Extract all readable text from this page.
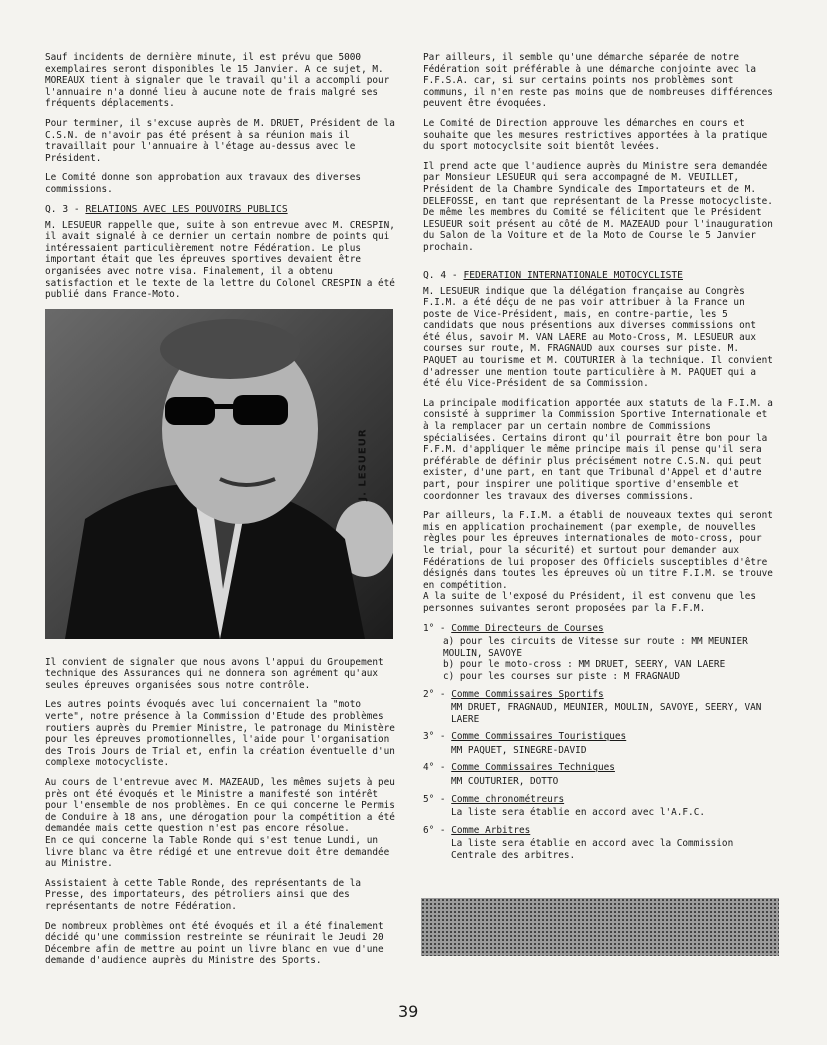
Sauf incidents de dernière minute, il est prévu que 5000 exemplaires seront disponibles le 15 Janvier. A ce sujet, M. MOREAUX tient à signaler que le travail qu'il a accompli pour l'annuaire n'a donné lieu à aucune note de frais malgré ses fréquents déplacements.

Pour terminer, il s'excuse auprès de M. DRUET, Président de la C.S.N. de n'avoir pas été présent à sa réunion mais il travaillait pour l'annuaire à l'étage au-dessus avec le Président.

Le Comité donne son approbation aux travaux des diverses commissions.

Q. 3 - RELATIONS AVEC LES POUVOIRS PUBLICS

M. LESUEUR rappelle que, suite à son entrevue avec M. CRESPIN, il avait signalé à ce dernier un certain nombre de points qui intéressaient particulièrement notre Fédération. Le plus important était que les épreuves sportives devaient être organisées avec notre visa. Finalement, il a obtenu satisfaction et le texte de la lettre du Colonel CRESPIN a été publié dans France-Moto.

J. LESUEUR

Il convient de signaler que nous avons l'appui du Groupement technique des Assurances qui ne donnera son agrément qu'aux seules épreuves organisées sous notre contrôle.

Les autres points évoqués avec lui concernaient la "moto verte", notre présence à la Commission d'Etude des problèmes routiers auprès du Premier Ministre, le patronage du Ministère pour les épreuves promotionnelles, l'aide pour l'organisation des Trois Jours de Trial et, enfin la création éventuelle d'un complexe motocycliste.

Au cours de l'entrevue avec M. MAZEAUD, les mêmes sujets à peu près ont été évoqués et le Ministre a manifesté son intérêt pour l'ensemble de nos problèmes. En ce qui concerne le Permis de Conduire à 18 ans, une dérogation pour la compétition a été demandée mais cette question n'est pas encore résolue.

En ce qui concerne la Table Ronde qui s'est tenue Lundi, un livre blanc va être rédigé et une entrevue doit être demandée au Ministre.

Assistaient à cette Table Ronde, des représentants de la Presse, des importateurs, des pétroliers ainsi que des représentants de notre Fédération.

De nombreux problèmes ont été évoqués et il a été finalement décidé qu'une commission restreinte se réunirait le Jeudi 20 Décembre afin de mettre au point un livre blanc en vue d'une demande d'audience auprès du Ministre des Sports.

Par ailleurs, il semble qu'une démarche séparée de notre Fédération soit préférable à une démarche conjointe avec la F.F.S.A. car, si sur certains points nos problèmes sont communs, il n'en reste pas moins que de nombreuses différences peuvent être évoquées.

Le Comité de Direction approuve les démarches en cours et souhaite que les mesures restrictives apportées à la pratique du sport motocyclsite soit bientôt levées.

Il prend acte que l'audience auprès du Ministre sera demandée par Monsieur LESUEUR qui sera accompagné de M. VEUILLET, Président de la Chambre Syndicale des Importateurs et de M. DELEFOSSE, en tant que représentant de la Presse motocycliste. De même les membres du Comité se félicitent que le Président LESUEUR soit présent au côté de M. MAZEAUD pour l'inauguration du Salon de la Voiture et de la Moto de Course le 5 Janvier prochain.

Q. 4 - FEDERATION INTERNATIONALE MOTOCYCLISTE

M. LESUEUR indique que la délégation française au Congrès F.I.M. a été déçu de ne pas voir attribuer à la France un poste de Vice-Président, mais, en contre-partie, les 5 candidats que nous présentions aux diverses commissions ont été élus, savoir M. VAN LAERE au Moto-Cross, M. LESUEUR aux courses sur route, M. FRAGNAUD aux courses sur piste. M. PAQUET au tourisme et M. COUTURIER à la technique. Il convient d'adresser une mention toute particulière à M. PAQUET qui a été élu Vice-Président de sa Commission.

La principale modification apportée aux statuts de la F.I.M. a consisté à supprimer la Commission Sportive Internationale et à la remplacer par un certain nombre de Commissions spécialisées. Certains diront qu'il pourrait être bon pour la F.F.M. d'appliquer le même principe mais il pense qu'il sera préférable de définir plus précisément notre C.S.N. qui peut exister, d'une part, en tant que Tribunal d'Appel et d'autre part, pour inspirer une politique sportive d'ensemble et coordonner les travaux des diverses commissions.

Par ailleurs, la F.I.M. a établi de nouveaux textes qui seront mis en application prochainement (par exemple, de nouvelles règles pour les épreuves internationales de moto-cross, pour le trial, pour la sécurité) et surtout pour demander aux Fédérations de lui proposer des Officiels susceptibles d'être désignés dans toutes les épreuves où un titre F.I.M. se trouve en compétition.

A la suite de l'exposé du Président, il est convenu que les personnes suivantes seront proposées par la F.F.M.

1° - Comme Directeurs de Courses

a) pour les circuits de Vitesse sur route : MM MEUNIER MOULIN, SAVOYE

b) pour le moto-cross : MM DRUET, SEERY, VAN LAERE

c) pour les courses sur piste : M FRAGNAUD

2° - Comme Commissaires Sportifs

MM DRUET, FRAGNAUD, MEUNIER, MOULIN, SAVOYE, SEERY, VAN LAERE

3° - Comme Commissaires Touristiques

MM PAQUET, SINEGRE-DAVID

4° - Comme Commissaires Techniques

MM COUTURIER, DOTTO

5° - Comme chronométreurs

La liste sera établie en accord avec l'A.F.C.

6° - Comme Arbitres

La liste sera établie en accord avec la Commission Centrale des arbitres.

39
